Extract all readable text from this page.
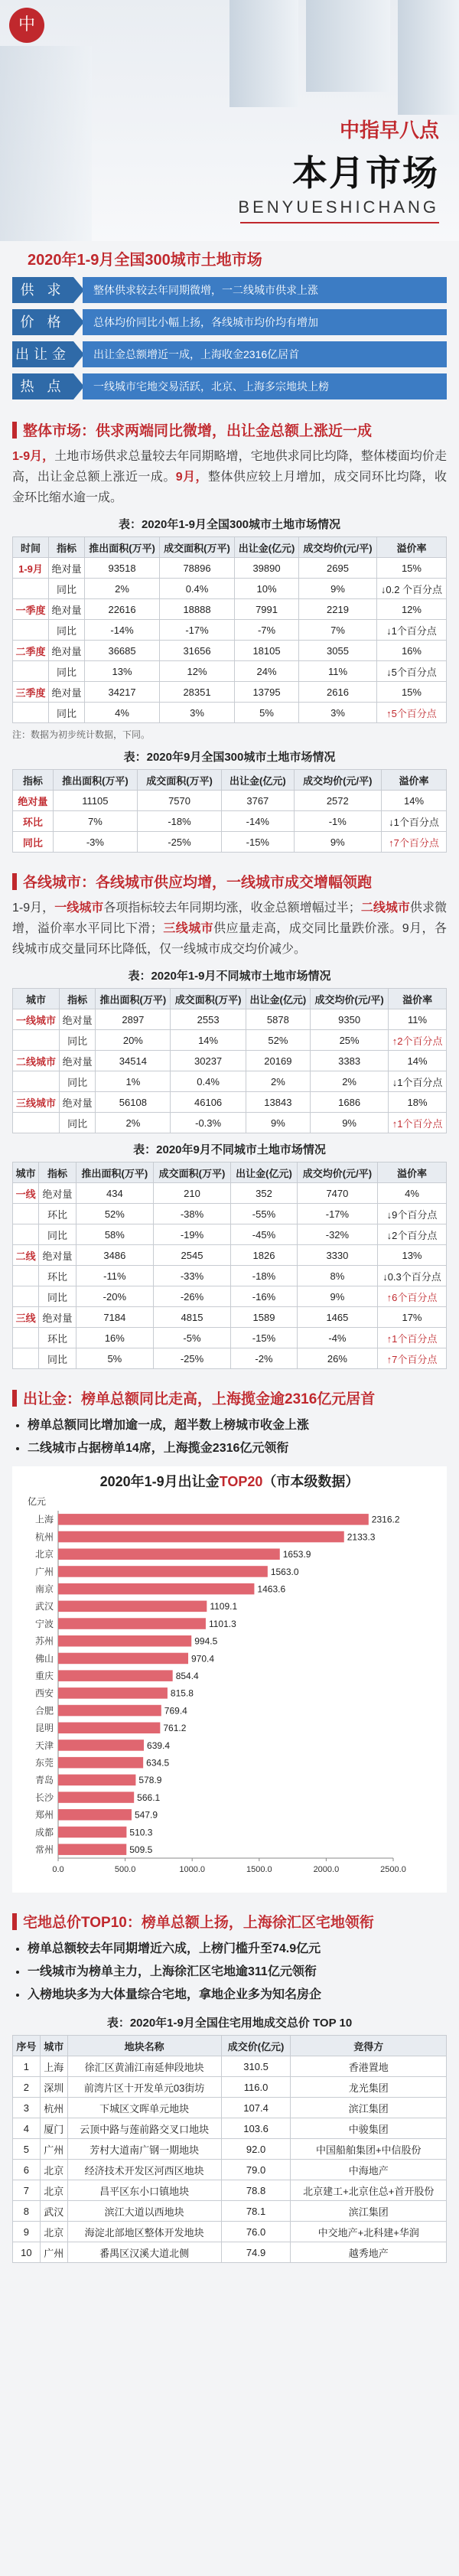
中
中指早八点
本月市场
BENYUESHICHANG
2020年1-9月全国300城市土地市场
供 求	整体供求较去年同期微增，一二线城市供求上涨
价 格	总体均价同比小幅上扬，各线城市均价均有增加
出让金	出让金总额增近一成，上海收金2316亿居首
热 点	一线城市宅地交易活跃，北京、上海多宗地块上榜
整体市场：供求两端同比微增，出让金总额上涨近一成
1-9月，土地市场供求总量较去年同期略增，宅地供求同比均降，整体楼面均价走高，出让金总额上涨近一成。9月，整体供应较上月增加，成交同环比均降，收金环比缩水逾一成。
表：2020年1-9月全国300城市土地市场情况
时间	指标	推出面积(万平)	成交面积(万平)	出让金(亿元)	成交均价(元/平)	溢价率
1-9月	绝对量	93518	78896	39890	2695	15%
	同比	2%	0.4%	10%	9%	↓0.2 个百分点
一季度	绝对量	22616	18888	7991	2219	12%
	同比	-14%	-17%	-7%	7%	↓1个百分点
二季度	绝对量	36685	31656	18105	3055	16%
	同比	13%	12%	24%	11%	↓5个百分点
三季度	绝对量	34217	28351	13795	2616	15%
	同比	4%	3%	5%	3%	↑5个百分点
注：数据为初步统计数据，下同。
表：2020年9月全国300城市土地市场情况
指标	推出面积(万平)	成交面积(万平)	出让金(亿元)	成交均价(元/平)	溢价率
绝对量	11105	7570	3767	2572	14%
环比	7%	-18%	-14%	-1%	↓1个百分点
同比	-3%	-25%	-15%	9%	↑7个百分点
各线城市：各线城市供应均增，一线城市成交增幅领跑
1-9月，一线城市各项指标较去年同期均涨，收金总额增幅过半；二线城市供求微增，溢价率水平同比下滑；三线城市供应量走高，成交同比量跌价涨。9月，各线城市成交量同环比降低，仅一线城市成交均价减少。
表：2020年1-9月不同城市土地市场情况
城市	指标	推出面积(万平)	成交面积(万平)	出让金(亿元)	成交均价(元/平)	溢价率
一线城市	绝对量	2897	2553	5878	9350	11%
	同比	20%	14%	52%	25%	↑2个百分点
二线城市	绝对量	34514	30237	20169	3383	14%
	同比	1%	0.4%	2%	2%	↓1个百分点
三线城市	绝对量	56108	46106	13843	1686	18%
	同比	2%	-0.3%	9%	9%	↑1个百分点
表：2020年9月不同城市土地市场情况
城市	指标	推出面积(万平)	成交面积(万平)	出让金(亿元)	成交均价(元/平)	溢价率
一线	绝对量	434	210	352	7470	4%
	环比	52%	-38%	-55%	-17%	↓9个百分点
	同比	58%	-19%	-45%	-32%	↓2个百分点
二线	绝对量	3486	2545	1826	3330	13%
	环比	-11%	-33%	-18%	8%	↓0.3个百分点
	同比	-20%	-26%	-16%	9%	↑6个百分点
三线	绝对量	7184	4815	1589	1465	17%
	环比	16%	-5%	-15%	-4%	↑1个百分点
	同比	5%	-25%	-2%	26%	↑7个百分点
出让金：榜单总额同比走高，上海揽金逾2316亿元居首
• 榜单总额同比增加逾一成，超半数上榜城市收金上涨
• 二线城市占据榜单14席，上海揽金2316亿元领衔
2020年1-9月出让金TOP20（市本级数据）
亿元
上海	2316.2
杭州	2133.3
北京	1653.9
广州	1563.0
南京	1463.6
武汉	1109.1
宁波	1101.3
苏州	994.5
佛山	970.4
重庆	854.4
西安	815.8
合肥	769.4
昆明	761.2
天津	639.4
东莞	634.5
青岛	578.9
长沙	566.1
郑州	547.9
成都	510.3
常州	509.5
0.0	500.0	1000.0	1500.0	2000.0	2500.0
宅地总价TOP10：榜单总额上扬，上海徐汇区宅地领衔
• 榜单总额较去年同期增近六成，上榜门槛升至74.9亿元
• 一线城市为榜单主力，上海徐汇区宅地逾311亿元领衔
• 入榜地块多为大体量综合宅地，拿地企业多为知名房企
表：2020年1-9月全国住宅用地成交总价 TOP 10
序号	城市	地块名称	成交价(亿元)	竞得方
1	上海	徐汇区黄浦江南延伸段地块	310.5	香港置地
2	深圳	前湾片区十开发单元03街坊	116.0	龙光集团
3	杭州	下城区文晖单元地块	107.4	滨江集团
4	厦门	云顶中路与莲前路交叉口地块	103.6	中骏集团
5	广州	芳村大道南广钢一期地块	92.0	中国船舶集团+中信股份
6	北京	经济技术开发区河西区地块	79.0	中海地产
7	北京	昌平区东小口镇地块	78.8	北京建工+北京住总+首开股份
8	武汉	滨江大道以西地块	78.1	滨江集团
9	北京	海淀北部地区整体开发地块	76.0	中交地产+北科建+华润
10	广州	番禺区汉溪大道北侧	74.9	越秀地产
